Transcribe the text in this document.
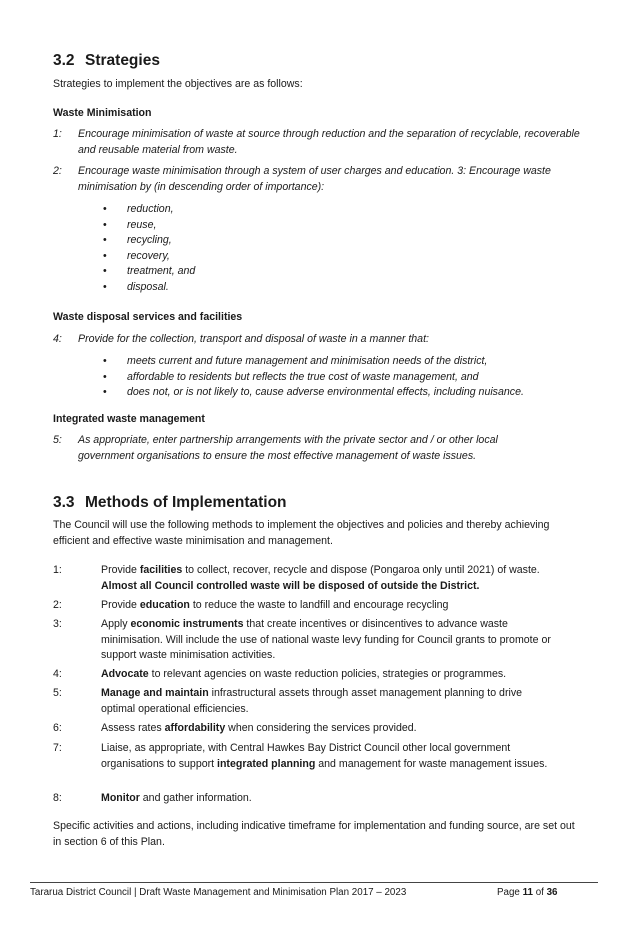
3.2 Strategies

Strategies to implement the objectives are as follows:

Waste Minimisation

1: Encourage minimisation of waste at source through reduction and the separation of recyclable, recoverable and reusable material from waste.
2: Encourage waste minimisation through a system of user charges and education. 3: Encourage waste minimisation by (in descending order of importance):
• reduction,
• reuse,
• recycling,
• recovery,
• treatment, and
• disposal.

Waste disposal services and facilities

4: Provide for the collection, transport and disposal of waste in a manner that:
• meets current and future management and minimisation needs of the district,
• affordable to residents but reflects the true cost of waste management, and
• does not, or is not likely to, cause adverse environmental effects, including nuisance.

Integrated waste management

5: As appropriate, enter partnership arrangements with the private sector and / or other local government organisations to ensure the most effective management of waste issues.
3.3 Methods of Implementation

The Council will use the following methods to implement the objectives and policies and thereby achieving efficient and effective waste minimisation and management.

1:	Provide facilities to collect, recover, recycle and dispose (Pongaroa only until 2021) of waste. Almost all Council controlled waste will be disposed of outside the District.
2:	Provide education to reduce the waste to landfill and encourage recycling
3:	Apply economic instruments that create incentives or disincentives to advance waste minimisation. Will include the use of national waste levy funding for Council grants to promote or support waste minimisation activities.
4:	Advocate to relevant agencies on waste reduction policies, strategies or programmes.
5:	Manage and maintain infrastructural assets through asset management planning to drive optimal operational efficiencies.
6:	Assess rates affordability when considering the services provided.
7:	Liaise, as appropriate, with Central Hawkes Bay District Council other local government organisations to support integrated planning and management for waste management issues.
8:	Monitor and gather information.

Specific activities and actions, including indicative timeframe for implementation and funding source, are set out in section 6 of this Plan.

Tararua District Council | Draft Waste Management and Minimisation Plan 2017 – 2023	Page 11 of 36
